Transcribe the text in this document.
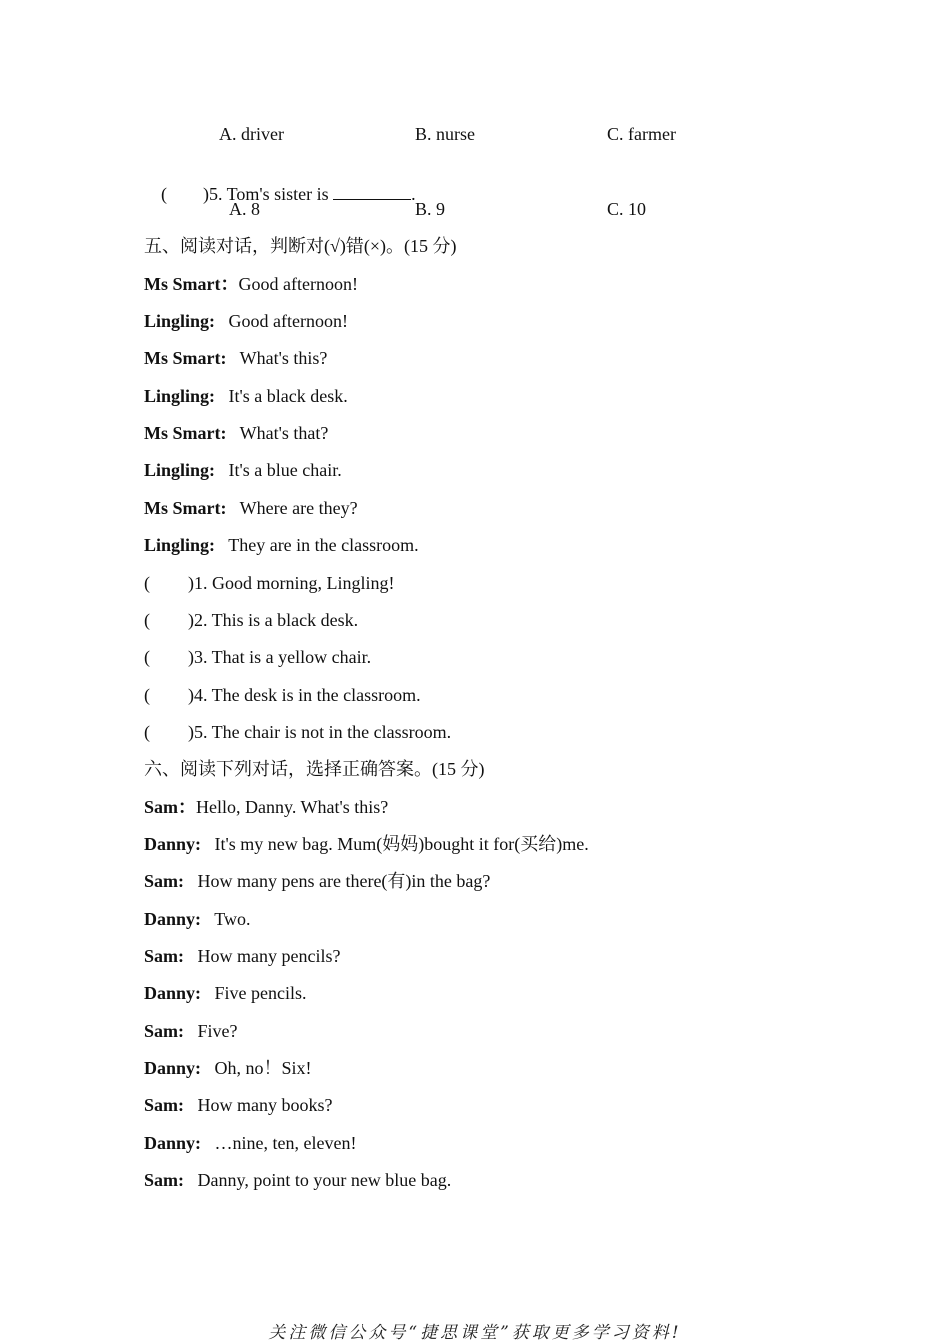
A. driver	B. nurse	C. farmer

( )5. Tom's sister is	.

A. 8	B. 9	C. 10
五、阅读对话，判断对(√)错(×)。(15 分)
Ms Smart：Good afternoon!
Lingling: Good afternoon!
Ms Smart: What's this?
Lingling: It's a black desk.
Ms Smart: What's that?
Lingling: It's a blue chair.
Ms Smart: Where are they?
Lingling: They are in the classroom.
( )1. Good morning, Lingling!
( )2. This is a black desk.
( )3. That is a yellow chair.
( )4. The desk is in the classroom.
( )5. The chair is not in the classroom.
六、阅读下列对话，选择正确答案。(15 分)
Sam：Hello, Danny. What's this?
Danny: It's my new bag. Mum(妈妈)bought it for(买给)me.
Sam: How many pens are there(有)in the bag?
Danny: Two.
Sam: How many pencils?
Danny: Five pencils.
Sam: Five?
Danny: Oh, no！Six!
Sam: How many books?
Danny: …nine, ten, eleven!
Sam: Danny, point to your new blue bag.
关注微信公众号“捷思课堂”获取更多学习资料!
